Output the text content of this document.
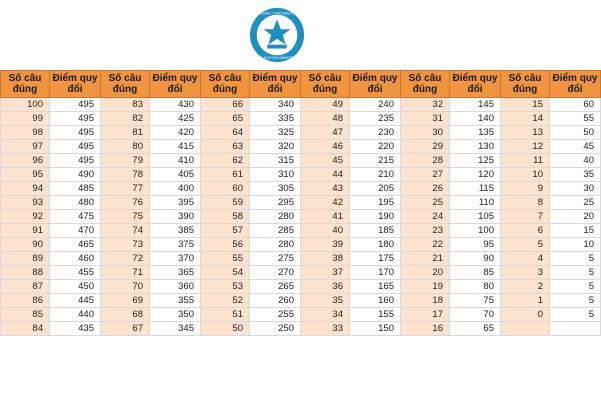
ĐẠI HỌC THÁI NGUYÊN
THAI NGUYEN UNIVERSITY
Số câu đúng	Điểm quy đổi	Số câu đúng	Điểm quy đổi	Số câu đúng	Điểm quy đổi	Số câu đúng	Điểm quy đổi	Số câu đúng	Điểm quy đổi	Số câu đúng	Điểm quy đổi
100	495	83	430	66	340	49	240	32	145	15	60
99	495	82	425	65	335	48	235	31	140	14	55
98	495	81	420	64	325	47	230	30	135	13	50
97	495	80	415	63	320	46	220	29	130	12	45
96	495	79	410	62	315	45	215	28	125	11	40
95	490	78	405	61	310	44	210	27	120	10	35
94	485	77	400	60	305	43	205	26	115	9	30
93	480	76	395	59	295	42	195	25	110	8	25
92	475	75	390	58	280	41	190	24	105	7	20
91	470	74	385	57	285	40	185	23	100	6	15
90	465	73	375	56	280	39	180	22	95	5	10
89	460	72	370	55	275	38	175	21	90	4	5
88	455	71	365	54	270	37	170	20	85	3	5
87	450	70	360	53	265	36	165	19	80	2	5
86	445	69	355	52	260	35	160	18	75	1	5
85	440	68	350	51	255	34	155	17	70	0	5
84	435	67	345	50	250	33	150	16	65		
